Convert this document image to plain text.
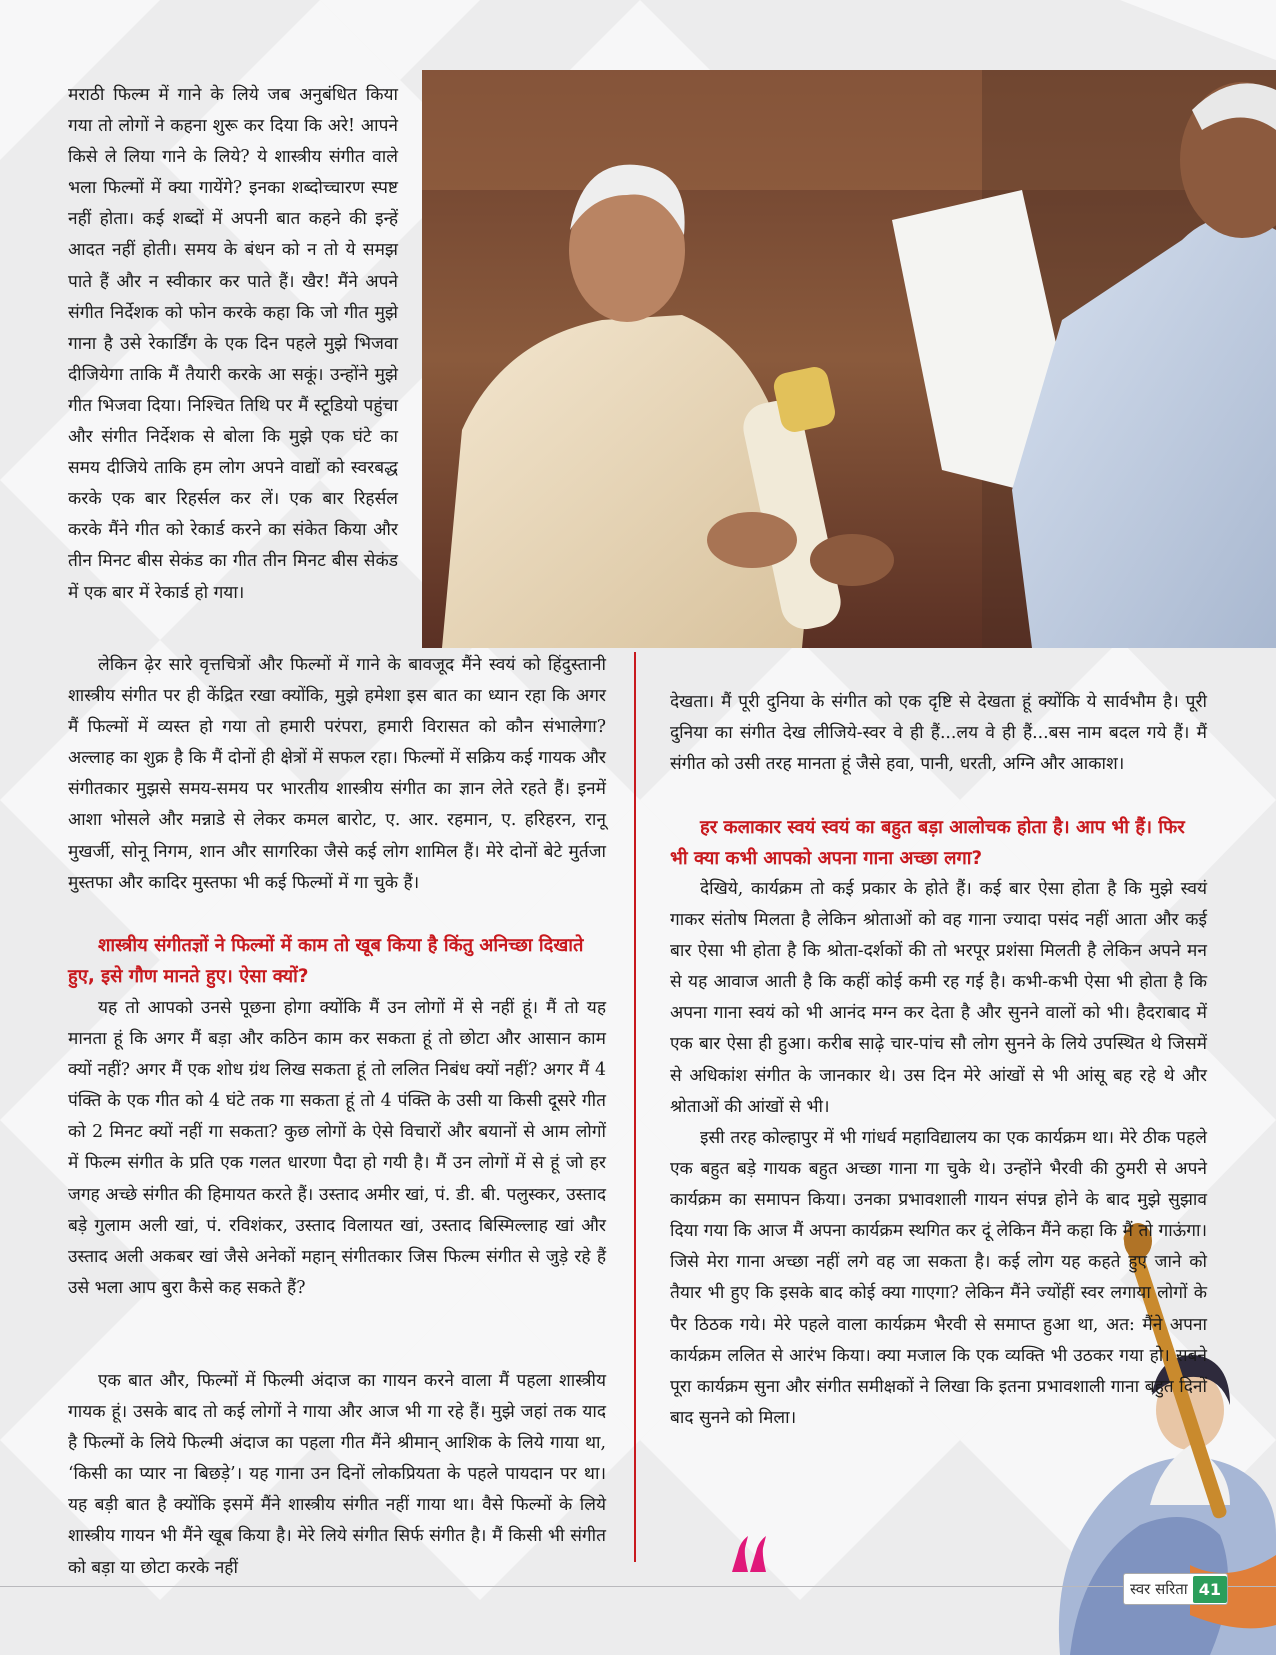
मराठी फिल्म में गाने के लिये जब अनुबंधित किया गया तो लोगों ने कहना शुरू कर दिया कि अरे! आपने किसे ले लिया गाने के लिये? ये शास्त्रीय संगीत वाले भला फिल्मों में क्या गायेंगे? इनका शब्दोच्चारण स्पष्ट नहीं होता। कई शब्दों में अपनी बात कहने की इन्हें आदत नहीं होती। समय के बंधन को न तो ये समझ पाते हैं और न स्वीकार कर पाते हैं। खैर! मैंने अपने संगीत निर्देशक को फोन करके कहा कि जो गीत मुझे गाना है उसे रेकार्डिंग के एक दिन पहले मुझे भिजवा दीजियेगा ताकि मैं तैयारी करके आ सकूं। उन्होंने मुझे गीत भिजवा दिया। निश्चित तिथि पर मैं स्टूडियो पहुंचा और संगीत निर्देशक से बोला कि मुझे एक घंटे का समय दीजिये ताकि हम लोग अपने वाद्यों को स्वरबद्ध करके एक बार रिहर्सल कर लें। एक बार रिहर्सल करके मैंने गीत को रेकार्ड करने का संकेत किया और तीन मिनट बीस सेकंड का गीत तीन मिनट बीस सेकंड में एक बार में रेकार्ड हो गया।

लेकिन ढ़ेर सारे वृत्तचित्रों और फिल्मों में गाने के बावजूद मैंने स्वयं को हिंदुस्तानी शास्त्रीय संगीत पर ही केंद्रित रखा क्योंकि, मुझे हमेशा इस बात का ध्यान रहा कि अगर मैं फिल्मों में व्यस्त हो गया तो हमारी परंपरा, हमारी विरासत को कौन संभालेगा? अल्लाह का शुक्र है कि मैं दोनों ही क्षेत्रों में सफल रहा। फिल्मों में सक्रिय कई गायक और संगीतकार मुझसे समय-समय पर भारतीय शास्त्रीय संगीत का ज्ञान लेते रहते हैं। इनमें आशा भोसले और मन्नाडे से लेकर कमल बारोट, ए. आर. रहमान, ए. हरिहरन, रानू मुखर्जी, सोनू निगम, शान और सागरिका जैसे कई लोग शामिल हैं। मेरे दोनों बेटे मुर्तजा मुस्तफा और कादिर मुस्तफा भी कई फिल्मों में गा चुके हैं।

शास्त्रीय संगीतज्ञों ने फिल्मों में काम तो खूब किया है किंतु अनिच्छा दिखाते हुए, इसे गौण मानते हुए। ऐसा क्यों?

यह तो आपको उनसे पूछना होगा क्योंकि मैं उन लोगों में से नहीं हूं। मैं तो यह मानता हूं कि अगर मैं बड़ा और कठिन काम कर सकता हूं तो छोटा और आसान काम क्यों नहीं? अगर मैं एक शोध ग्रंथ लिख सकता हूं तो ललित निबंध क्यों नहीं? अगर मैं 4 पंक्ति के एक गीत को 4 घंटे तक गा सकता हूं तो 4 पंक्ति के उसी या किसी दूसरे गीत को 2 मिनट क्यों नहीं गा सकता? कुछ लोगों के ऐसे विचारों और बयानों से आम लोगों में फिल्म संगीत के प्रति एक गलत धारणा पैदा हो गयी है। मैं उन लोगों में से हूं जो हर जगह अच्छे संगीत की हिमायत करते हैं। उस्ताद अमीर खां, पं. डी. बी. पलुस्कर, उस्ताद बड़े गुलाम अली खां, पं. रविशंकर, उस्ताद विलायत खां, उस्ताद बिस्मिल्लाह खां और उस्ताद अली अकबर खां जैसे अनेकों महान् संगीतकार जिस फिल्म संगीत से जुड़े रहे हैं उसे भला आप बुरा कैसे कह सकते हैं?

एक बात और, फिल्मों में फिल्मी अंदाज का गायन करने वाला मैं पहला शास्त्रीय गायक हूं। उसके बाद तो कई लोगों ने गाया और आज भी गा रहे हैं। मुझे जहां तक याद है फिल्मों के लिये फिल्मी अंदाज का पहला गीत मैंने श्रीमान् आशिक के लिये गाया था, ‘किसी का प्यार ना बिछड़े’। यह गाना उन दिनों लोकप्रियता के पहले पायदान पर था। यह बड़ी बात है क्योंकि इसमें मैंने शास्त्रीय संगीत नहीं गाया था। वैसे फिल्मों के लिये शास्त्रीय गायन भी मैंने खूब किया है। मेरे लिये संगीत सिर्फ संगीत है। मैं किसी भी संगीत को बड़ा या छोटा करके नहीं

देखता। मैं पूरी दुनिया के संगीत को एक दृष्टि से देखता हूं क्योंकि ये सार्वभौम है। पूरी दुनिया का संगीत देख लीजिये-स्वर वे ही हैं...लय वे ही हैं...बस नाम बदल गये हैं। मैं संगीत को उसी तरह मानता हूं जैसे हवा, पानी, धरती, अग्नि और आकाश।

हर कलाकार स्वयं स्वयं का बहुत बड़ा आलोचक होता है। आप भी हैं। फिर भी क्या कभी आपको अपना गाना अच्छा लगा?

देखिये, कार्यक्रम तो कई प्रकार के होते हैं। कई बार ऐसा होता है कि मुझे स्वयं गाकर संतोष मिलता है लेकिन श्रोताओं को वह गाना ज्यादा पसंद नहीं आता और कई बार ऐसा भी होता है कि श्रोता-दर्शकों की तो भरपूर प्रशंसा मिलती है लेकिन अपने मन से यह आवाज आती है कि कहीं कोई कमी रह गई है। कभी-कभी ऐसा भी होता है कि अपना गाना स्वयं को भी आनंद मग्न कर देता है और सुनने वालों को भी। हैदराबाद में एक बार ऐसा ही हुआ। करीब साढ़े चार-पांच सौ लोग सुनने के लिये उपस्थित थे जिसमें से अधिकांश संगीत के जानकार थे। उस दिन मेरे आंखों से भी आंसू बह रहे थे और श्रोताओं की आंखों से भी।

इसी तरह कोल्हापुर में भी गांधर्व महाविद्यालय का एक कार्यक्रम था। मेरे ठीक पहले एक बहुत बड़े गायक बहुत अच्छा गाना गा चुके थे। उन्होंने भैरवी की ठुमरी से अपने कार्यक्रम का समापन किया। उनका प्रभावशाली गायन संपन्न होने के बाद मुझे सुझाव दिया गया कि आज मैं अपना कार्यक्रम स्थगित कर दूं लेकिन मैंने कहा कि मैं तो गाऊंगा। जिसे मेरा गाना अच्छा नहीं लगे वह जा सकता है। कई लोग यह कहते हुए जाने को तैयार भी हुए कि इसके बाद कोई क्या गाएगा? लेकिन मैंने ज्योंहीं स्वर लगाया लोगों के पैर ठिठक गये। मेरे पहले वाला कार्यक्रम भैरवी से समाप्त हुआ था, अत: मैंने अपना कार्यक्रम ललित से आरंभ किया। क्या मजाल कि एक व्यक्ति भी उठकर गया हो। सबने पूरा कार्यक्रम सुना और संगीत समीक्षकों ने लिखा कि इतना प्रभावशाली गाना बहुत दिनों बाद सुनने को मिला।

स्वर सरिता 41
